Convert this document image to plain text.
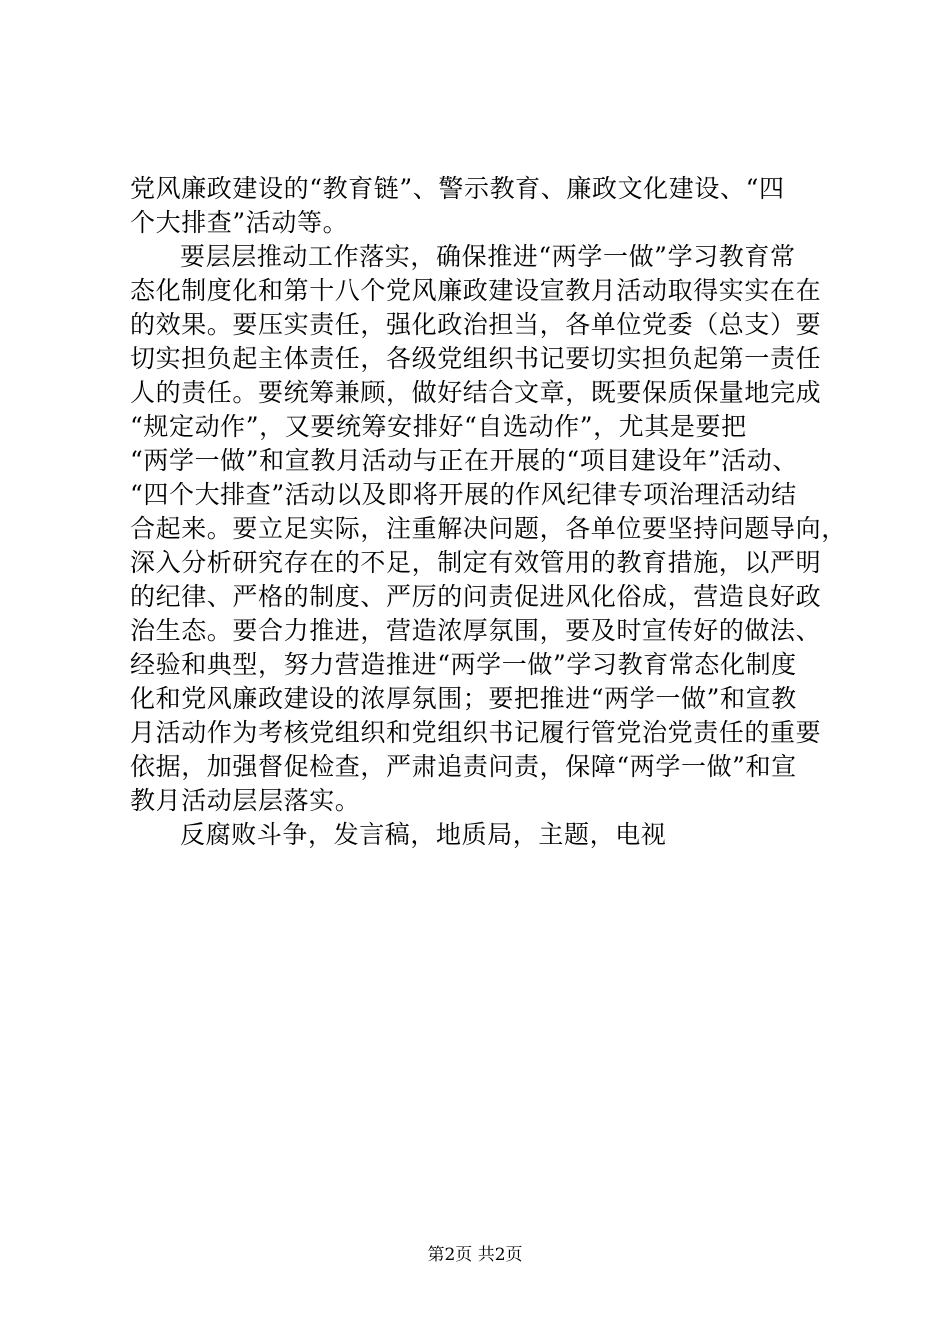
党风廉政建设的“教育链”、警示教育、廉政文化建设、“四
个大排查”活动等。
要层层推动工作落实，确保推进“两学一做”学习教育常
态化制度化和第十八个党风廉政建设宣教月活动取得实实在在
的效果。要压实责任，强化政治担当，各单位党委（总支）要
切实担负起主体责任，各级党组织书记要切实担负起第一责任
人的责任。要统筹兼顾，做好结合文章，既要保质保量地完成
“规定动作”，又要统筹安排好“自选动作”，尤其是要把
“两学一做”和宣教月活动与正在开展的“项目建设年”活动、
“四个大排查”活动以及即将开展的作风纪律专项治理活动结
合起来。要立足实际，注重解决问题，各单位要坚持问题导向，
深入分析研究存在的不足，制定有效管用的教育措施，以严明
的纪律、严格的制度、严厉的问责促进风化俗成，营造良好政
治生态。要合力推进，营造浓厚氛围，要及时宣传好的做法、
经验和典型，努力营造推进“两学一做”学习教育常态化制度
化和党风廉政建设的浓厚氛围；要把推进“两学一做”和宣教
月活动作为考核党组织和党组织书记履行管党治党责任的重要
依据，加强督促检查，严肃追责问责，保障“两学一做”和宣
教月活动层层落实。
反腐败斗争，发言稿，地质局，主题，电视
第2页 共2页
